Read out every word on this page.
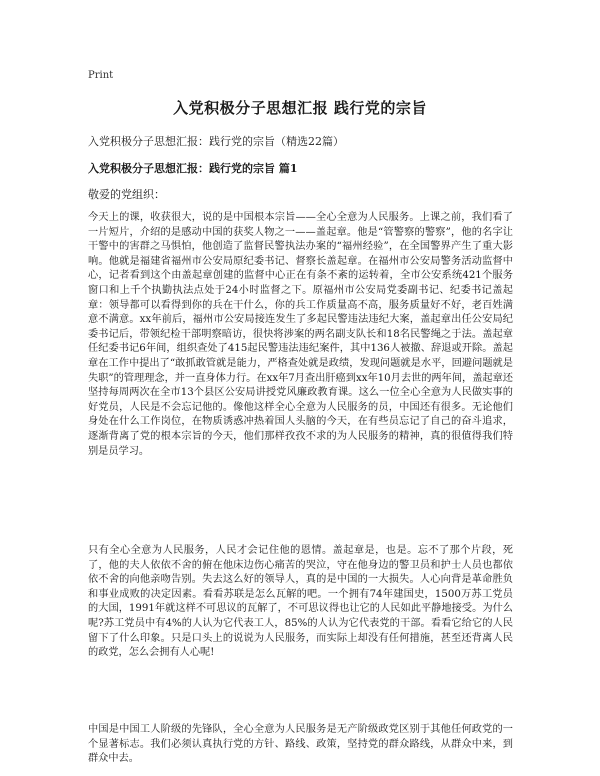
Print
入党积极分子思想汇报 践行党的宗旨
入党积极分子思想汇报：践行党的宗旨（精选22篇）
入党积极分子思想汇报：践行党的宗旨 篇1
敬爱的党组织：
今天上的课，收获很大，说的是中国根本宗旨——全心全意为人民服务。上课之前，我们看了一片短片，介绍的是感动中国的获奖人物之一——盖起章。他是“管警察的警察”，他的名字让干警中的害群之马惧怕，他创造了监督民警执法办案的“福州经验”，在全国警界产生了重大影响。他就是福建省福州市公安局原纪委书记、督察长盖起章。在福州市公安局警务活动监督中心，记者看到这个由盖起章创建的监督中心正在有条不紊的运转着，全市公安系统421个服务窗口和上千个执勤执法点处于24小时监督之下。原福州市公安局党委副书记、纪委书记盖起章：领导都可以看得到你的兵在干什么，你的兵工作质量高不高，服务质量好不好，老百姓满意不满意。xx年前后，福州市公安局接连发生了多起民警违法违纪大案，盖起章出任公安局纪委书记后，带领纪检干部明察暗访，很快将涉案的两名副支队长和18名民警绳之于法。盖起章任纪委书记6年间，组织查处了415起民警违法违纪案件，其中136人被撤、辞退或开除。盖起章在工作中提出了“敢抓敢管就是能力，严格查处就是政绩，发现问题就是水平，回避问题就是失职”的管理理念，并一直身体力行。在xx年7月查出肝癌到xx年10月去世的两年间，盖起章还坚持每周两次在全市13个县区公安局讲授党风廉政教育课。这么一位全心全意为人民做实事的好党员，人民是不会忘记他的。像他这样全心全意为人民服务的员，中国还有很多。无论他们身处在什么工作岗位，在物质诱惑冲热着国人头脑的今天，在有些员忘记了自己的奋斗追求，逐渐背离了党的根本宗旨的今天，他们那样孜孜不求的为人民服务的精神，真的很值得我们特别是员学习。
只有全心全意为人民服务，人民才会记住他的恩情。盖起章是，也是。忘不了那个片段，死了，他的夫人依依不舍的俯在他床边伤心痛苦的哭泣，守在他身边的警卫员和护士人员也都依依不舍的向他亲吻告别。失去这么好的领导人，真的是中国的一大损失。人心向背是革命胜负和事业成败的决定因素。看看苏联是怎么瓦解的吧。一个拥有74年建国史，1500万苏工党员的大国，1991年就这样不可思议的瓦解了，不可思议得也让它的人民如此平静地接受。为什么呢?苏工党员中有4%的人认为它代表工人，85%的人认为它代表党的干部。看看它给它的人民留下了什么印象。只是口头上的说说为人民服务，而实际上却没有任何措施，甚至还背离人民的政党，怎么会拥有人心呢!
中国是中国工人阶级的先锋队，全心全意为人民服务是无产阶级政党区别于其他任何政党的一个显著标志。我们必须认真执行党的方针、路线、政策，坚持党的群众路线，从群众中来，到群众中去。
